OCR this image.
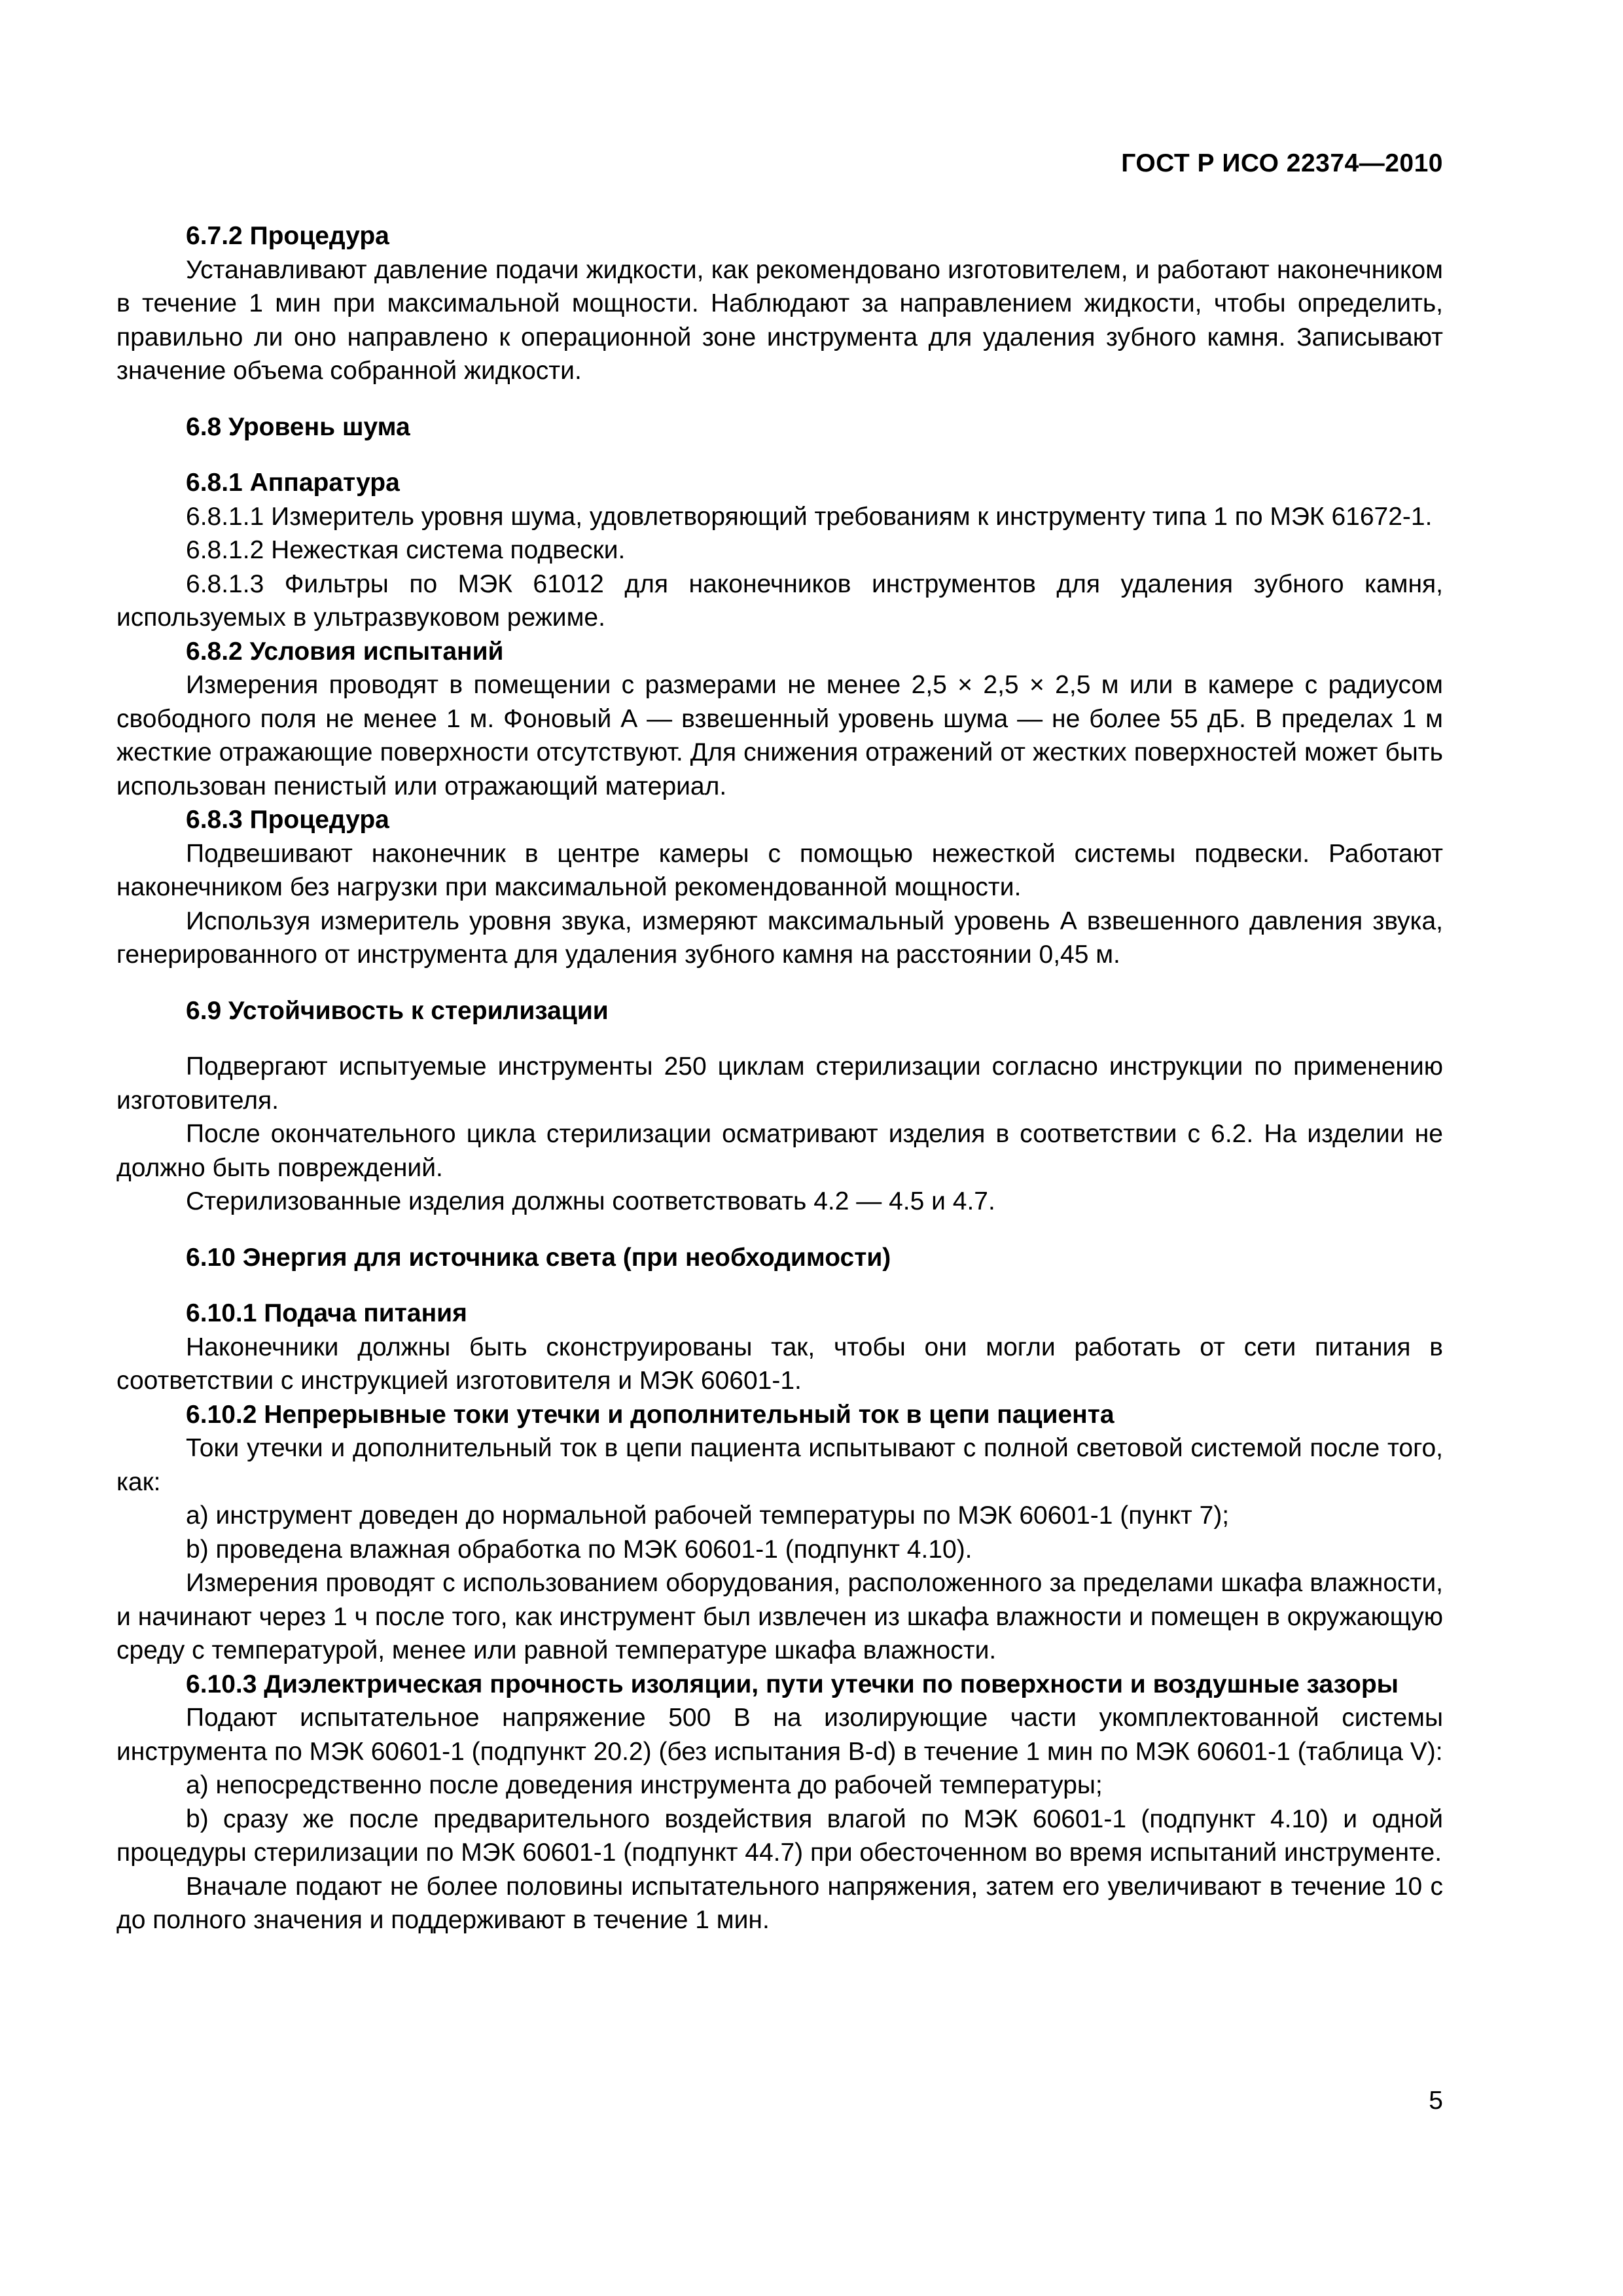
ГОСТ Р ИСО 22374—2010
6.7.2 Процедура

Устанавливают давление подачи жидкости, как рекомендовано изготовителем, и работают наконечником в течение 1 мин при максимальной мощности. Наблюдают за направлением жидкости, чтобы определить, правильно ли оно направлено к операционной зоне инструмента для удаления зубного камня. Записывают значение объема собранной жидкости.

6.8 Уровень шума
6.8.1 Аппаратура

6.8.1.1 Измеритель уровня шума, удовлетворяющий требованиям к инструменту типа 1 по МЭК 61672-1.

6.8.1.2 Нежесткая система подвески.

6.8.1.3 Фильтры по МЭК 61012 для наконечников инструментов для удаления зубного камня, используемых в ультразвуковом режиме.

6.8.2 Условия испытаний

Измерения проводят в помещении с размерами не менее 2,5 × 2,5 × 2,5 м или в камере с радиусом свободного поля не менее 1 м. Фоновый А — взвешенный уровень шума — не более 55 дБ. В пределах 1 м жесткие отражающие поверхности отсутствуют. Для снижения отражений от жестких поверхностей может быть использован пенистый или отражающий материал.

6.8.3 Процедура

Подвешивают наконечник в центре камеры с помощью нежесткой системы подвески. Работают наконечником без нагрузки при максимальной рекомендованной мощности.

Используя измеритель уровня звука, измеряют максимальный уровень А взвешенного давления звука, генерированного от инструмента для удаления зубного камня на расстоянии 0,45 м.

6.9 Устойчивость к стерилизации

Подвергают испытуемые инструменты 250 циклам стерилизации согласно инструкции по применению изготовителя.

После окончательного цикла стерилизации осматривают изделия в соответствии с 6.2. На изделии не должно быть повреждений.

Стерилизованные изделия должны соответствовать 4.2 — 4.5 и 4.7.

6.10 Энергия для источника света (при необходимости)
6.10.1 Подача питания

Наконечники должны быть сконструированы так, чтобы они могли работать от сети питания в соответствии с инструкцией изготовителя и МЭК 60601-1.

6.10.2 Непрерывные токи утечки и дополнительный ток в цепи пациента

Токи утечки и дополнительный ток в цепи пациента испытывают с полной световой системой после того, как:

а) инструмент доведен до нормальной рабочей температуры по МЭК 60601-1 (пункт 7);

b) проведена влажная обработка по МЭК 60601-1 (подпункт 4.10).

Измерения проводят с использованием оборудования, расположенного за пределами шкафа влажности, и начинают через 1 ч после того, как инструмент был извлечен из шкафа влажности и помещен в окружающую среду с температурой, менее или равной температуре шкафа влажности.

6.10.3 Диэлектрическая прочность изоляции, пути утечки по поверхности и воздушные зазоры

Подают испытательное напряжение 500 В на изолирующие части укомплектованной системы инструмента по МЭК 60601-1 (подпункт 20.2) (без испытания B-d) в течение 1 мин по МЭК 60601-1 (таблица V):

a) непосредственно после доведения инструмента до рабочей температуры;

b) сразу же после предварительного воздействия влагой по МЭК 60601-1 (подпункт 4.10) и одной процедуры стерилизации по МЭК 60601-1 (подпункт 44.7) при обесточенном во время испытаний инструменте.

Вначале подают не более половины испытательного напряжения, затем его увеличивают в течение 10 с до полного значения и поддерживают в течение 1 мин.

5
